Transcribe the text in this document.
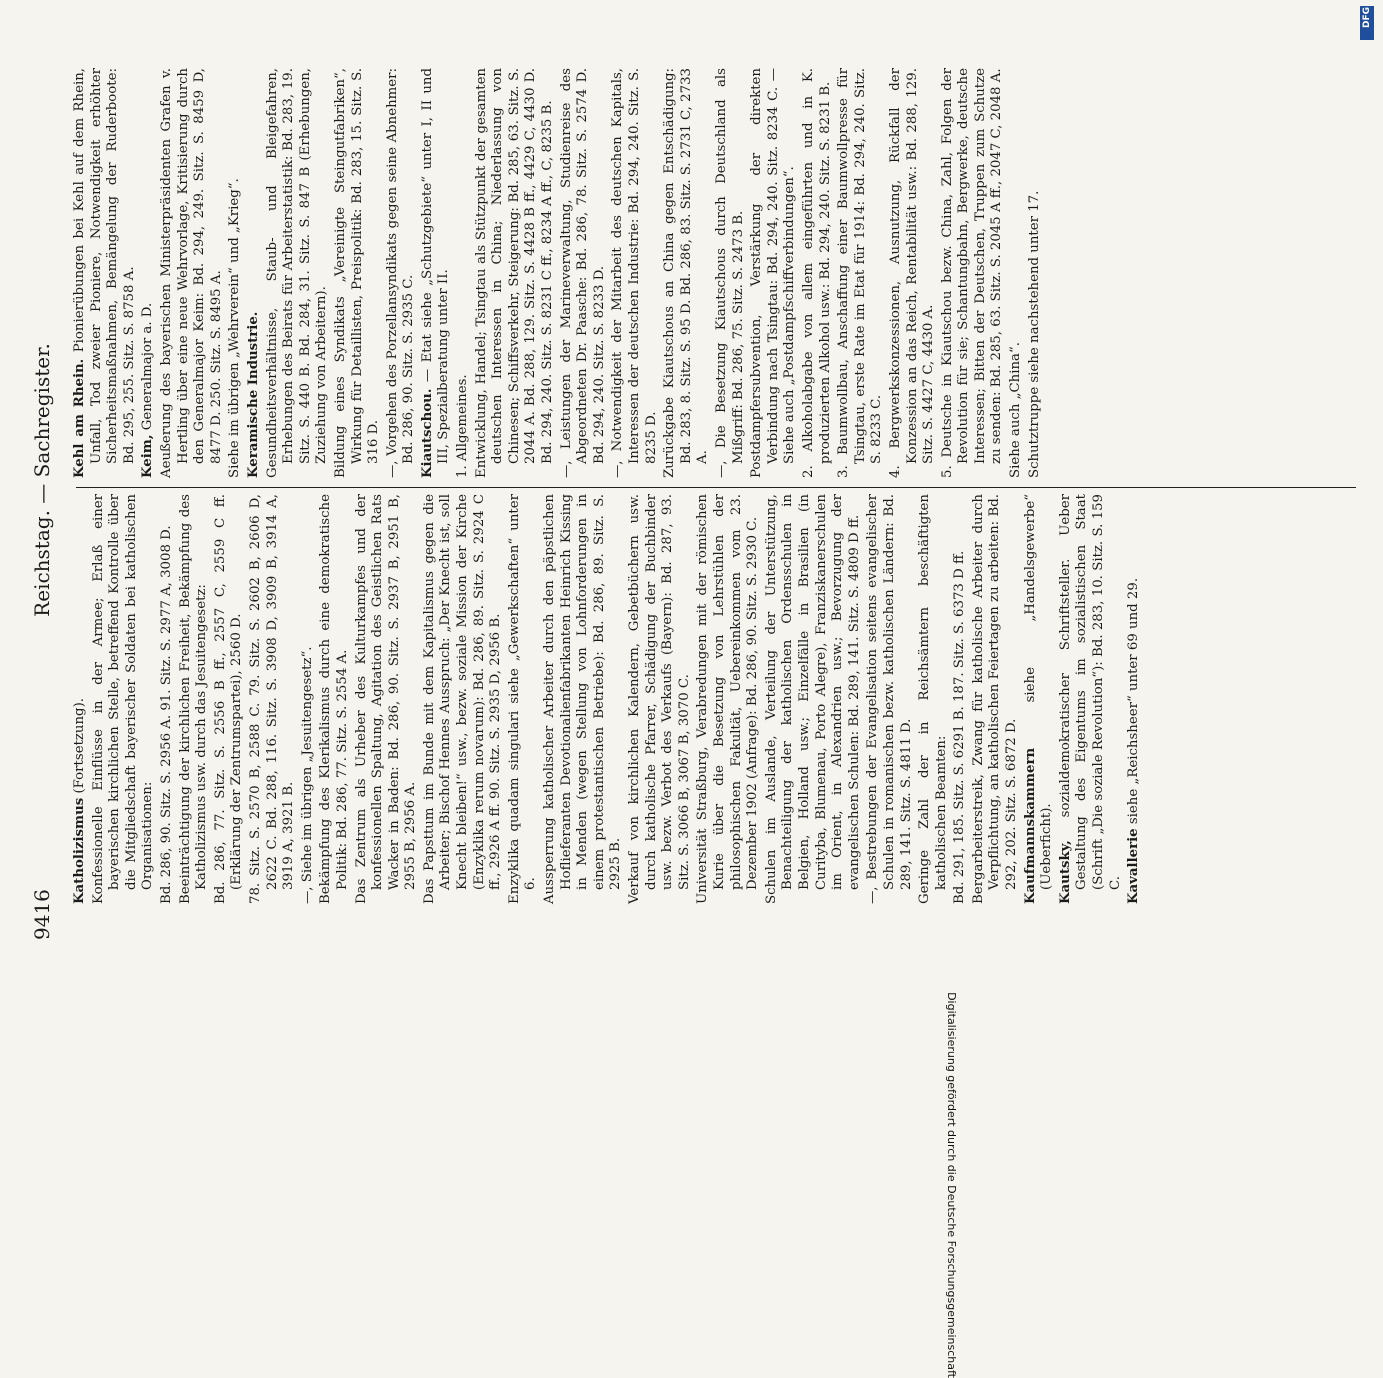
9416
Reichstag. — Sachregister.

Katholizismus (Fortsetzung). Konfessionelle Einflüsse in der Armee; Erlaß einer bayerischen kirchlichen Stelle, betreffend Kontrolle über die Mitgliedschaft bayerischer Soldaten bei katholischen Organisationen: Bd. 286, 90. Sitz. S. 2956 A. 91. Sitz. S. 2977 A, 3008 D. Beeinträchtigung der kirchlichen Freiheit, Bekämpfung des Katholizismus usw. durch das Jesuitengesetz: Bd. 286, 77. Sitz. S. 2556 B ff., 2557 C, 2559 C ff. (Erklärung der Zentrumspartei), 2560 D. 78. Sitz. S. 2570 B, 2588 C. 79. Sitz. S. 2602 B, 2606 D, 2622 C. Bd. 288, 116. Sitz. S. 3908 D, 3909 B, 3914 A, 3919 A, 3921 B. —, Siehe im übrigen „Jesuitengesetz“. Bekämpfung des Klerikalismus durch eine demokratische Politik: Bd. 286, 77. Sitz. S. 2554 A. Das Zentrum als Urheber des Kulturkampfes und der konfessionellen Spaltung, Agitation des Geistlichen Rats Wacker in Baden: Bd. 286, 90. Sitz. S. 2937 B, 2951 B, 2955 B, 2956 A. Das Papsttum im Bunde mit dem Kapitalismus gegen die Arbeiter; Bischof Hennes Ausspruch: „Der Knecht ist, soll Knecht bleiben!“ usw., bezw. soziale Mission der Kirche (Enzyklika rerum novarum): Bd. 286, 89. Sitz. S. 2924 C ff., 2926 A ff. 90. Sitz. S. 2935 D, 2956 B. Enzyklika quadam singulari siehe „Gewerkschaften“ unter 6. Aussperrung katholischer Arbeiter durch den päpstlichen Hoflieferanten Devotionalienfabrikanten Heinrich Kissing in Menden (wegen Stellung von Lohnforderungen in einem protestantischen Betriebe): Bd. 286, 89. Sitz. S. 2925 B. Verkauf von kirchlichen Kalendern, Gebetbüchern usw. durch katholische Pfarrer, Schädigung der Buchbinder usw. bezw. Verbot des Verkaufs (Bayern): Bd. 287, 93. Sitz. S. 3066 B, 3067 B, 3070 C. Universität Straßburg, Verabredungen mit der römischen Kurie über die Besetzung von Lehrstühlen der philosophischen Fakultät, Uebereinkommen vom 23. Dezember 1902 (Anfrage): Bd. 286, 90. Sitz. S. 2930 C. Schulen im Auslande, Verteilung der Unterstützung, Benachteiligung der katholischen Ordensschulen in Belgien, Holland usw.; Einzelfälle in Brasilien (in Curityba, Blumenau, Porto Alegre), Franziskanerschulen im Orient, in Alexandrien usw.; Bevorzugung der evangelischen Schulen: Bd. 289, 141. Sitz. S. 4809 D ff. —, Bestrebungen der Evangelisation seitens evangelischer Schulen in romanischen bezw. katholischen Ländern: Bd. 289, 141. Sitz. S. 4811 D. Geringe Zahl der in Reichsämtern beschäftigten katholischen Beamten: Bd. 291, 185. Sitz. S. 6291 B. 187. Sitz. S. 6373 D ff. Bergarbeiterstreik, Zwang für katholische Arbeiter durch Verpflichtung, an katholischen Feiertagen zu arbeiten: Bd. 292, 202. Sitz. S. 6872 D. Kaufmannskammern siehe „Handelsgewerbe“ (Ueberficht). Kautsky, sozialdemokratischer Schriftsteller. Ueber Gestaltung des Eigentums im sozialistischen Staat (Schrift „Die soziale Revolution“): Bd. 283, 10. Sitz. S. 159 C. Kavallerie siehe „Reichsheer“ unter 69 und 29.

Kehl am Rhein. Pionierübungen bei Kehl auf dem Rhein, Unfall, Tod zweier Pioniere, Notwendigkeit erhöhter Sicherheitsmaßnahmen, Bemängelung der Ruderboote: Bd. 295, 255. Sitz. S. 8758 A. Keim, Generalmajor a. D. Aeußerung des bayerischen Ministerpräsidenten Grafen v. Hertling über eine neue Wehrvorlage, Kritisierung durch den Generalmajor Keim: Bd. 294, 249. Sitz. S. 8459 D, 8477 D. 250. Sitz. S. 8495 A. Siehe im übrigen „Wehrverein“ und „Krieg“. Keramische Industrie. Gesundheitsverhältnisse, Staub- und Bleigefahren, Erhebungen des Beirats für Arbeiterstatistik: Bd. 283, 19. Sitz. S. 440 B. Bd. 284, 31. Sitz. S. 847 B (Erhebungen, Zuziehung von Arbeitern). Bildung eines Syndikats „Vereinigte Steingutfabriken“, Wirkung für Detaillisten, Preispolitik: Bd. 283, 15. Sitz. S. 316 D. —, Vorgehen des Porzellansyndikats gegen seine Abnehmer: Bd. 286, 90. Sitz. S. 2935 C. Kiautschou. — Etat siehe „Schutzgebiete“ unter I, II und III, Spezialberatung unter II. 1. Allgemeines. Entwicklung, Handel; Tsingtau als Stützpunkt der gesamten deutschen Interessen in China; Niederlassung von Chinesen; Schiffsverkehr, Steigerung: Bd. 285, 63. Sitz. S. 2044 A. Bd. 288, 129. Sitz. S. 4428 B ff., 4429 C, 4430 D. Bd. 294, 240. Sitz. S. 8231 C ff., 8234 A ff., C, 8235 B. —, Leistungen der Marineverwaltung, Studienreise des Abgeordneten Dr. Paasche: Bd. 286, 78. Sitz. S. 2574 D. Bd. 294, 240. Sitz. S. 8233 D. —, Notwendigkeit der Mitarbeit des deutschen Kapitals, Interessen der deutschen Industrie: Bd. 294, 240. Sitz. S. 8235 D. Zurückgabe Kiautschous an China gegen Entschädigung: Bd. 283, 8. Sitz. S. 95 D. Bd. 286, 83. Sitz. S. 2731 C, 2733 A. —, Die Besetzung Kiautschous durch Deutschland als Mißgriff: Bd. 286, 75. Sitz. S. 2473 B. Postdampfersubvention, Verstärkung der direkten Verbindung nach Tsingtau: Bd. 294, 240. Sitz. 8234 C. — Siehe auch „Postdampfschiffverbindungen“. 2. Alkoholabgabe von allem eingeführten und in K. produzierten Alkohol usw.: Bd. 294, 240. Sitz. S. 8231 B. 3. Baumwollbau, Anschaffung einer Baumwollpresse für Tsingtau, erste Rate im Etat für 1914: Bd. 294, 240. Sitz. S. 8233 C. 4. Bergwerkskonzessionen, Ausnutzung, Rückfall der Konzession an das Reich, Rentabilität usw.: Bd. 288, 129. Sitz. S. 4427 C, 4430 A. 5. Deutsche in Kiautschou bezw. China, Zahl, Folgen der Revolution für sie; Schantungbahn, Bergwerke, deutsche Interessen; Bitten der Deutschen, Truppen zum Schutze zu senden: Bd. 285, 63. Sitz. S. 2045 A ff., 2047 C, 2048 A. Siehe auch „China“. Schutztruppe siehe nachstehend unter 17.

Digitalisierung gefördert durch die Deutsche Forschungsgemeinschaft
DFG
